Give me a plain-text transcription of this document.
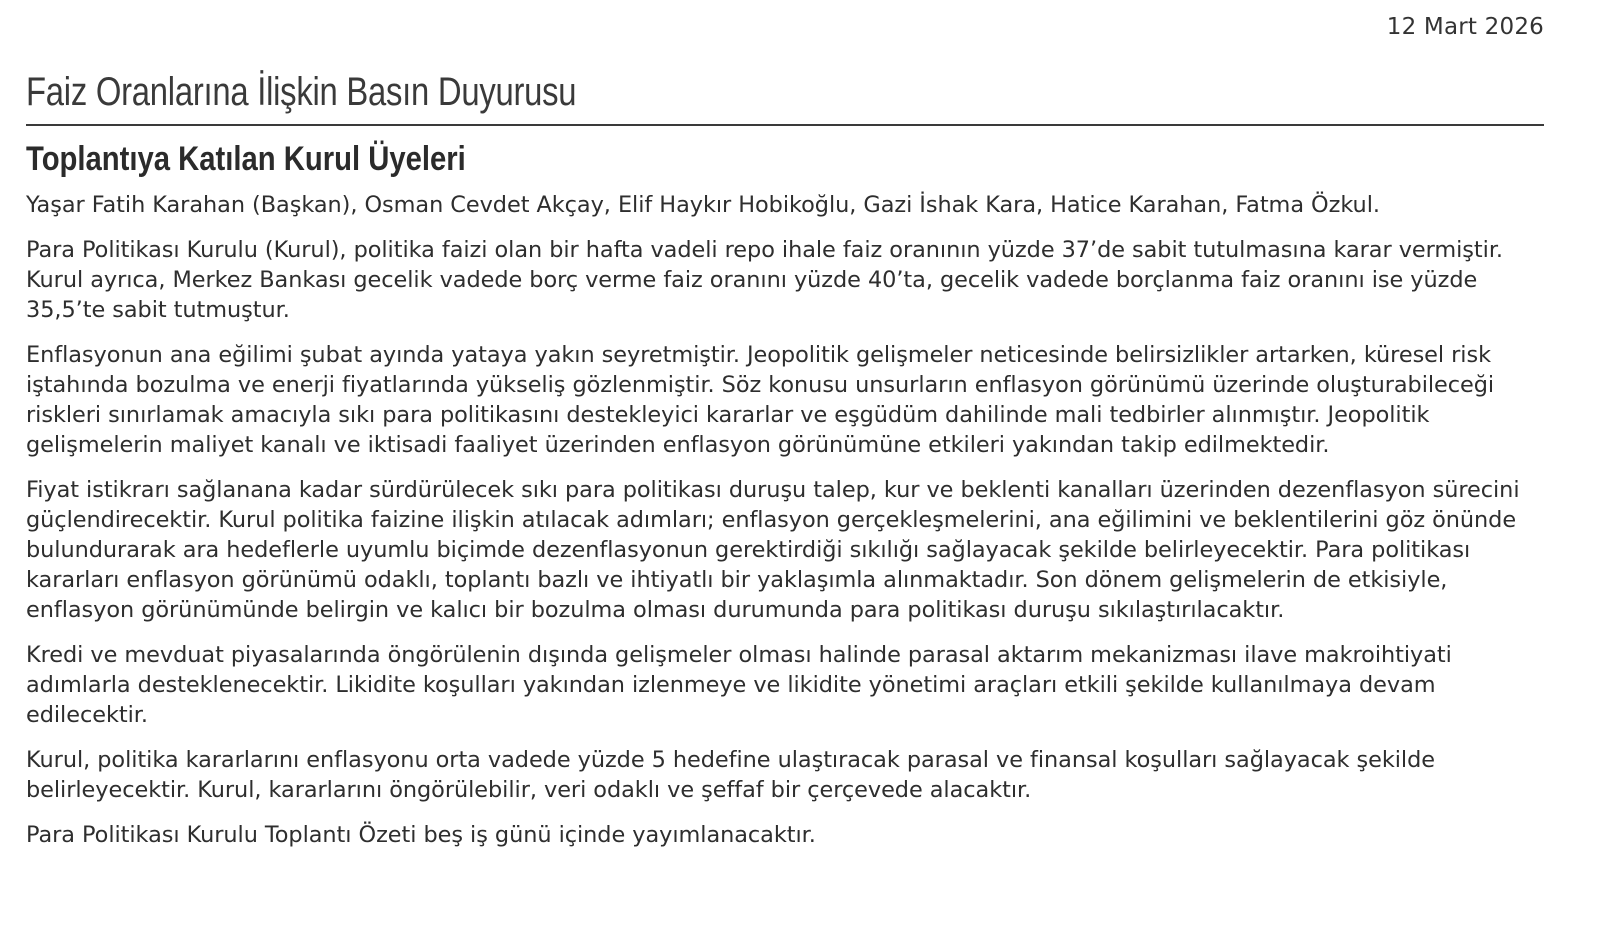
12 Mart 2026
Faiz Oranlarına İlişkin Basın Duyurusu
Toplantıya Katılan Kurul Üyeleri

Yaşar Fatih Karahan (Başkan), Osman Cevdet Akçay, Elif Haykır Hobikoğlu, Gazi İshak Kara, Hatice Karahan, Fatma Özkul.

Para Politikası Kurulu (Kurul), politika faizi olan bir hafta vadeli repo ihale faiz oranının yüzde 37’de sabit tutulmasına karar vermiştir. Kurul ayrıca, Merkez Bankası gecelik vadede borç verme faiz oranını yüzde 40’ta, gecelik vadede borçlanma faiz oranını ise yüzde 35,5’te sabit tutmuştur.

Enflasyonun ana eğilimi şubat ayında yataya yakın seyretmiştir. Jeopolitik gelişmeler neticesinde belirsizlikler artarken, küresel risk iştahında bozulma ve enerji fiyatlarında yükseliş gözlenmiştir. Söz konusu unsurların enflasyon görünümü üzerinde oluşturabileceği riskleri sınırlamak amacıyla sıkı para politikasını destekleyici kararlar ve eşgüdüm dahilinde mali tedbirler alınmıştır. Jeopolitik gelişmelerin maliyet kanalı ve iktisadi faaliyet üzerinden enflasyon görünümüne etkileri yakından takip edilmektedir.

Fiyat istikrarı sağlanana kadar sürdürülecek sıkı para politikası duruşu talep, kur ve beklenti kanalları üzerinden dezenflasyon sürecini güçlendirecektir. Kurul politika faizine ilişkin atılacak adımları; enflasyon gerçekleşmelerini, ana eğilimini ve beklentilerini göz önünde bulundurarak ara hedeflerle uyumlu biçimde dezenflasyonun gerektirdiği sıkılığı sağlayacak şekilde belirleyecektir. Para politikası kararları enflasyon görünümü odaklı, toplantı bazlı ve ihtiyatlı bir yaklaşımla alınmaktadır. Son dönem gelişmelerin de etkisiyle, enflasyon görünümünde belirgin ve kalıcı bir bozulma olması durumunda para politikası duruşu sıkılaştırılacaktır.

Kredi ve mevduat piyasalarında öngörülenin dışında gelişmeler olması halinde parasal aktarım mekanizması ilave makroihtiyati adımlarla desteklenecektir. Likidite koşulları yakından izlenmeye ve likidite yönetimi araçları etkili şekilde kullanılmaya devam edilecektir.

Kurul, politika kararlarını enflasyonu orta vadede yüzde 5 hedefine ulaştıracak parasal ve finansal koşulları sağlayacak şekilde belirleyecektir. Kurul, kararlarını öngörülebilir, veri odaklı ve şeffaf bir çerçevede alacaktır.

Para Politikası Kurulu Toplantı Özeti beş iş günü içinde yayımlanacaktır.
